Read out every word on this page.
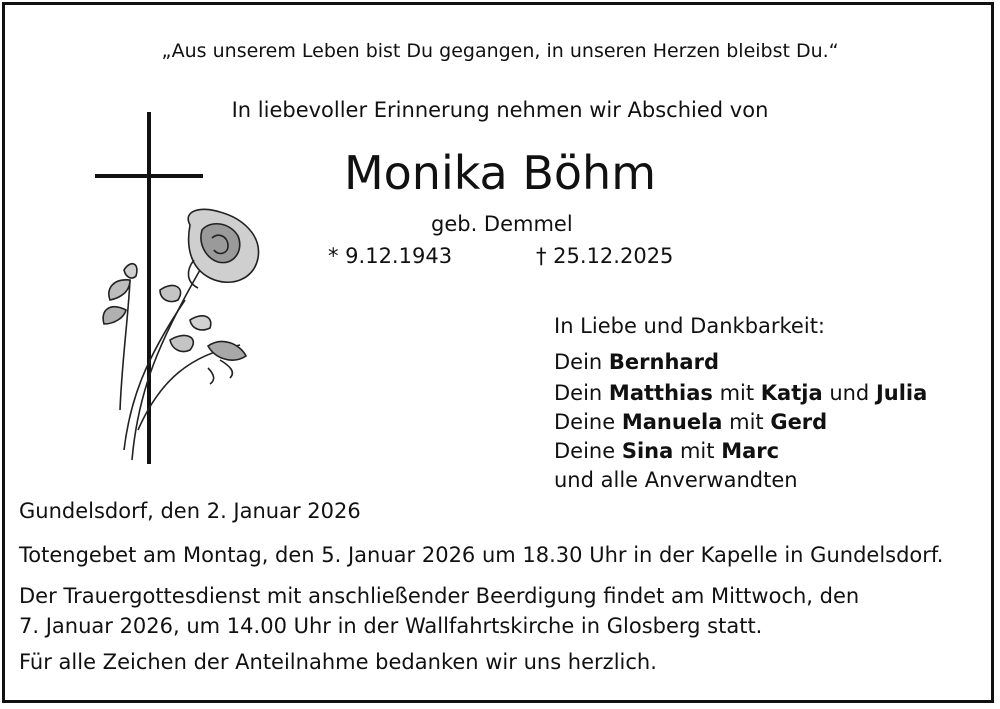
„Aus unserem Leben bist Du gegangen, in unseren Herzen bleibst Du.“
In liebevoller Erinnerung nehmen wir Abschied von
Monika Böhm
geb. Demmel
* 9.12.1943	† 25.12.2025
In Liebe und Dankbarkeit:
Dein Bernhard
Dein Matthias mit Katja und Julia
Deine Manuela mit Gerd
Deine Sina mit Marc
und alle Anverwandten
Gundelsdorf, den 2. Januar 2026
Totengebet am Montag, den 5. Januar 2026 um 18.30 Uhr in der Kapelle in Gundelsdorf.
Der Trauergottesdienst mit anschließender Beerdigung findet am Mittwoch, den
7. Januar 2026, um 14.00 Uhr in der Wallfahrtskirche in Glosberg statt.
Für alle Zeichen der Anteilnahme bedanken wir uns herzlich.
